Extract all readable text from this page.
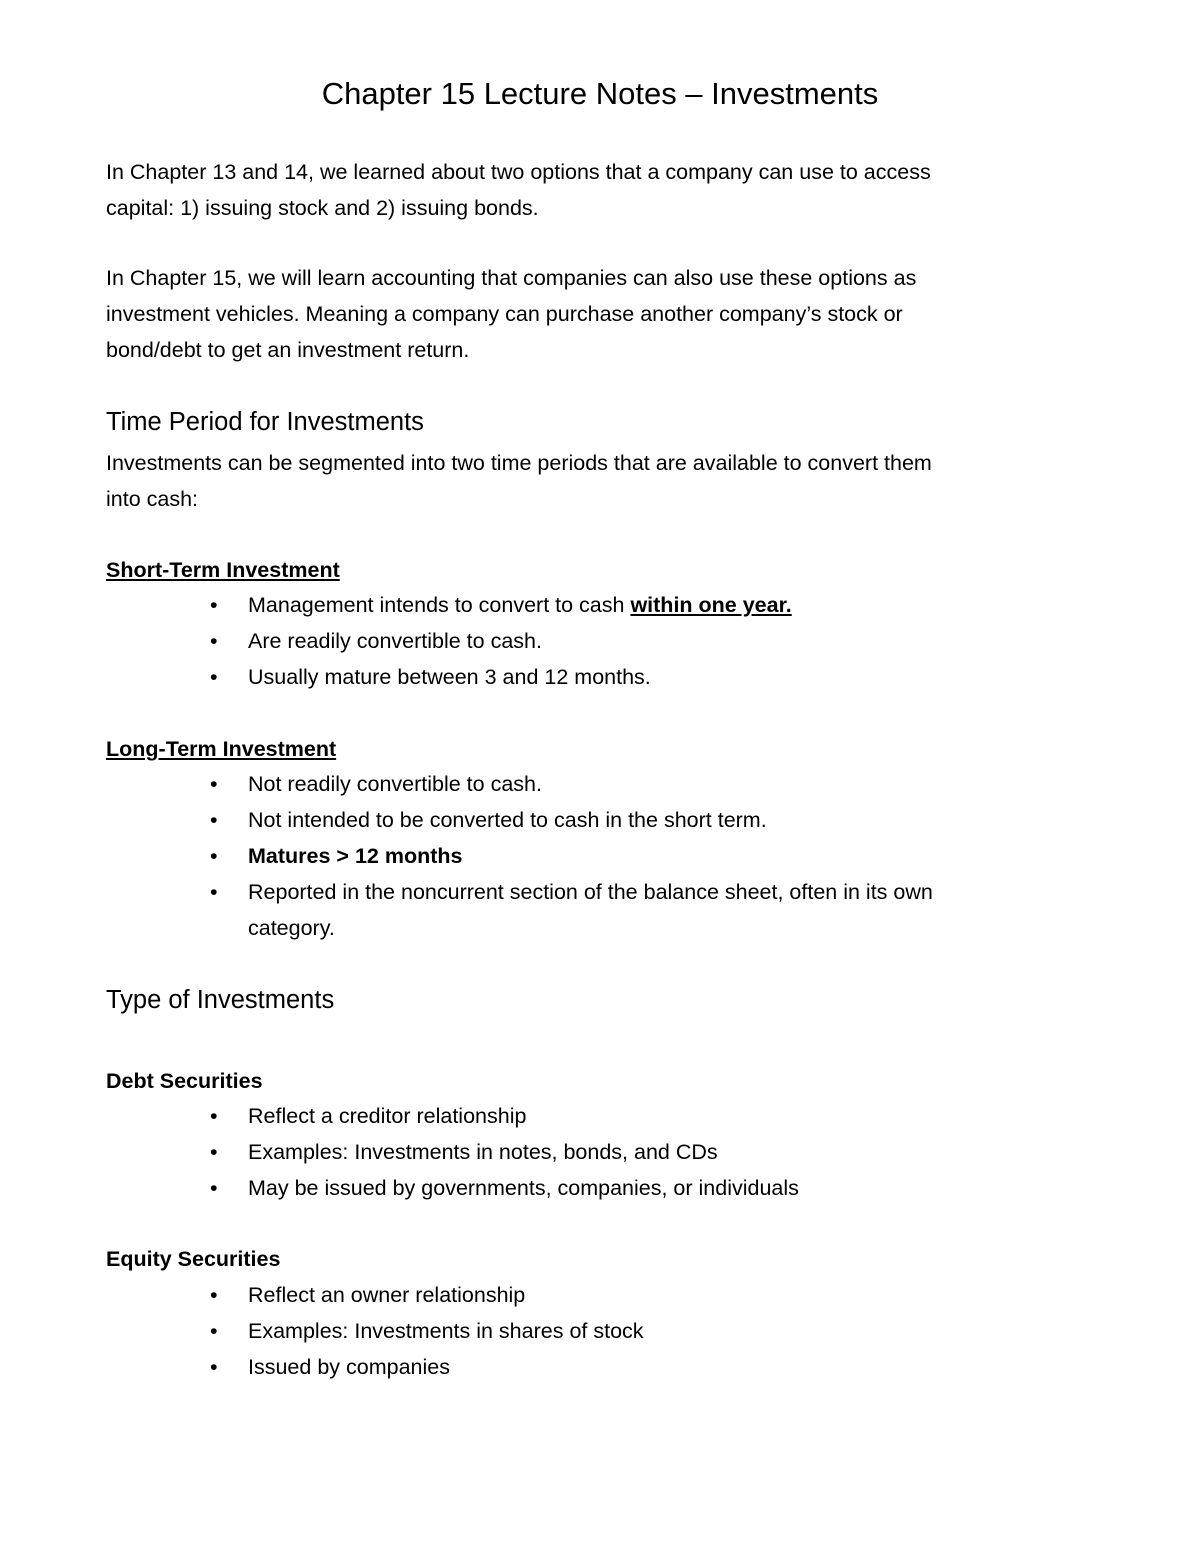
Chapter 15 Lecture Notes – Investments

In Chapter 13 and 14, we learned about two options that a company can use to access
capital: 1) issuing stock and 2) issuing bonds.

In Chapter 15, we will learn accounting that companies can also use these options as
investment vehicles. Meaning a company can purchase another company’s stock or
bond/debt to get an investment return.

Time Period for Investments

Investments can be segmented into two time periods that are available to convert them
into cash:

Short-Term Investment
• Management intends to convert to cash within one year.
• Are readily convertible to cash.
• Usually mature between 3 and 12 months.
Long-Term Investment
• Not readily convertible to cash.
• Not intended to be converted to cash in the short term.
• Matures > 12 months
• Reported in the noncurrent section of the balance sheet, often in its own
category.
Type of Investments
Debt Securities
• Reflect a creditor relationship
• Examples: Investments in notes, bonds, and CDs
• May be issued by governments, companies, or individuals
Equity Securities
• Reflect an owner relationship
• Examples: Investments in shares of stock
• Issued by companies
